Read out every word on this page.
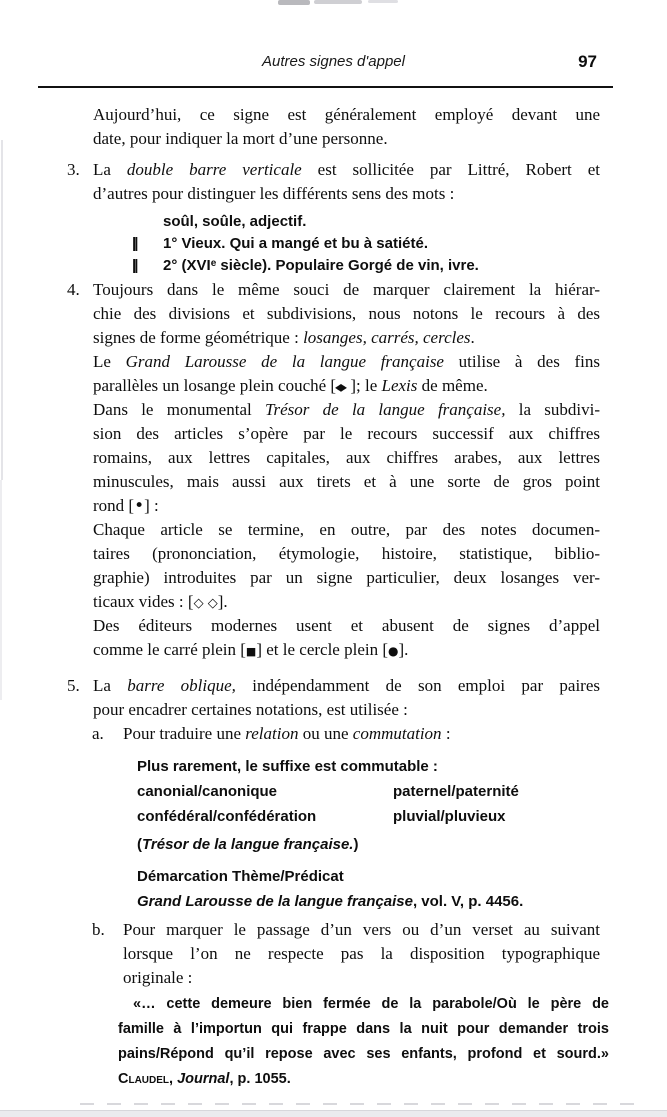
Autres signes d'appel	97
Aujourd’hui, ce signe est généralement employé devant une
date, pour indiquer la mort d’une personne.
3. La double barre verticale est sollicitée par Littré, Robert et
d’autres pour distinguer les différents sens des mots :
soûl, soûle, adjectif.
|| 1° Vieux. Qui a mangé et bu à satiété.
|| 2° (XVIe siècle). Populaire Gorgé de vin, ivre.
4. Toujours dans le même souci de marquer clairement la hiérar-
chie des divisions et subdivisions, nous notons le recours à des
signes de forme géométrique : losanges, carrés, cercles.
Le Grand Larousse de la langue française utilise à des fins
parallèles un losange plein couché [◆ ]; le Lexis de même.
Dans le monumental Trésor de la langue française, la subdivi-
sion des articles s’opère par le recours successif aux chiffres
romains, aux lettres capitales, aux chiffres arabes, aux lettres
minuscules, mais aussi aux tirets et à une sorte de gros point
rond [•] :
Chaque article se termine, en outre, par des notes documen-
taires (prononciation, étymologie, histoire, statistique, biblio-
graphie) introduites par un signe particulier, deux losanges ver-
ticaux vides : [◇ ◇].
Des éditeurs modernes usent et abusent de signes d’appel
comme le carré plein [■] et le cercle plein [●].
5. La barre oblique, indépendamment de son emploi par paires
pour encadrer certaines notations, est utilisée :
a. Pour traduire une relation ou une commutation :
Plus rarement, le suffixe est commutable :
canonial/canonique	paternel/paternité
confédéral/confédération	pluvial/pluvieux
(Trésor de la langue française.)
Démarcation Thème/Prédicat
Grand Larousse de la langue française, vol. V, p. 4456.
b. Pour marquer le passage d’un vers ou d’un verset au suivant
lorsque l’on ne respecte pas la disposition typographique
originale :
«… cette demeure bien fermée de la parabole/Où le père de
famille à l’importun qui frappe dans la nuit pour demander trois
pains/Répond qu’il repose avec ses enfants, profond et sourd.»
Claudel, Journal, p. 1055.
